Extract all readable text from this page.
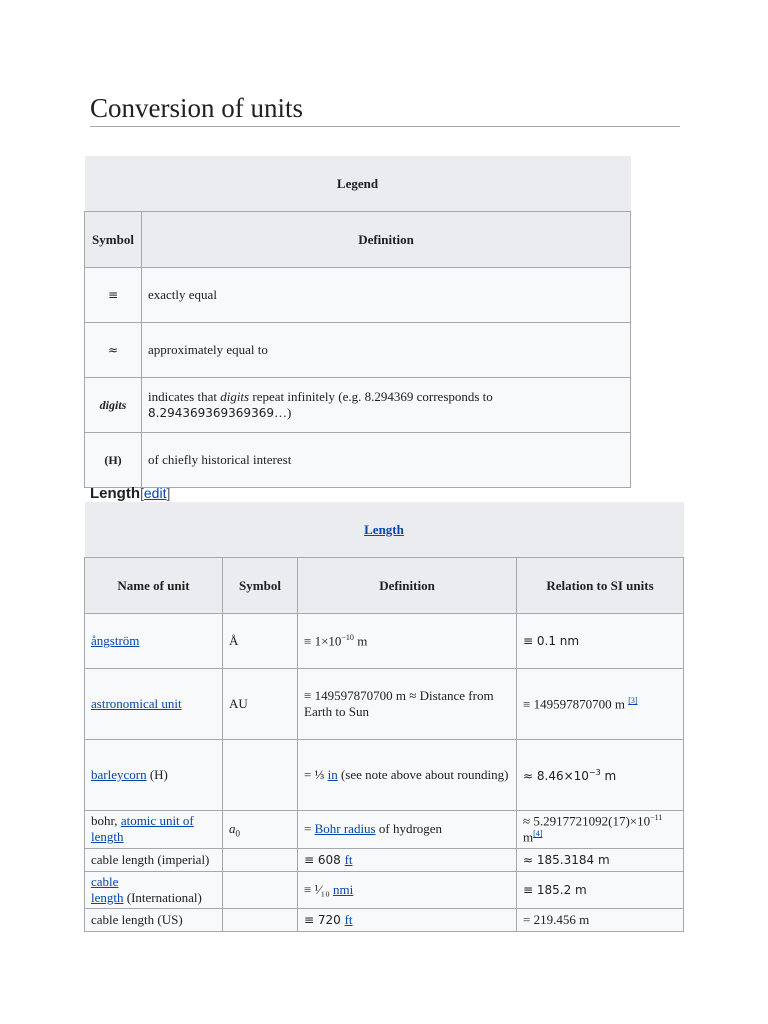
Conversion of units
Legend	
Symbol	Definition
≡	exactly equal
≈	approximately equal to
digits	indicates that digits repeat infinitely (e.g. 8.294369 corresponds to 8.294369369369369…)
(H)	of chiefly historical interest
Length[edit]
Length			
Name of unit	Symbol	Definition	Relation to SI units
ångström	Å	≡ $1\times 10^{-10}$ m	≡ 0.1 nm
astronomical unit	AU	≡ 149597870700 m ≈ Distance from Earth to Sun	≡ 149597870700 m [3]
barleycorn (H)		= ⅓ in (see note above about rounding)	≈ $8.46\times 10^{-3}$ m
bohr, atomic unit of length	$a_0$	= Bohr radius of hydrogen	≈ $5.2917721092(17)\times 10^{-11}$ m[4]
cable length (imperial)		≡ 608 ft	≈ 185.3184 m
cable
length (International)		≡ ¹⁄₁₀ nmi	≡ 185.2 m
cable length (US)		≡ 720 ft	= 219.456 m
